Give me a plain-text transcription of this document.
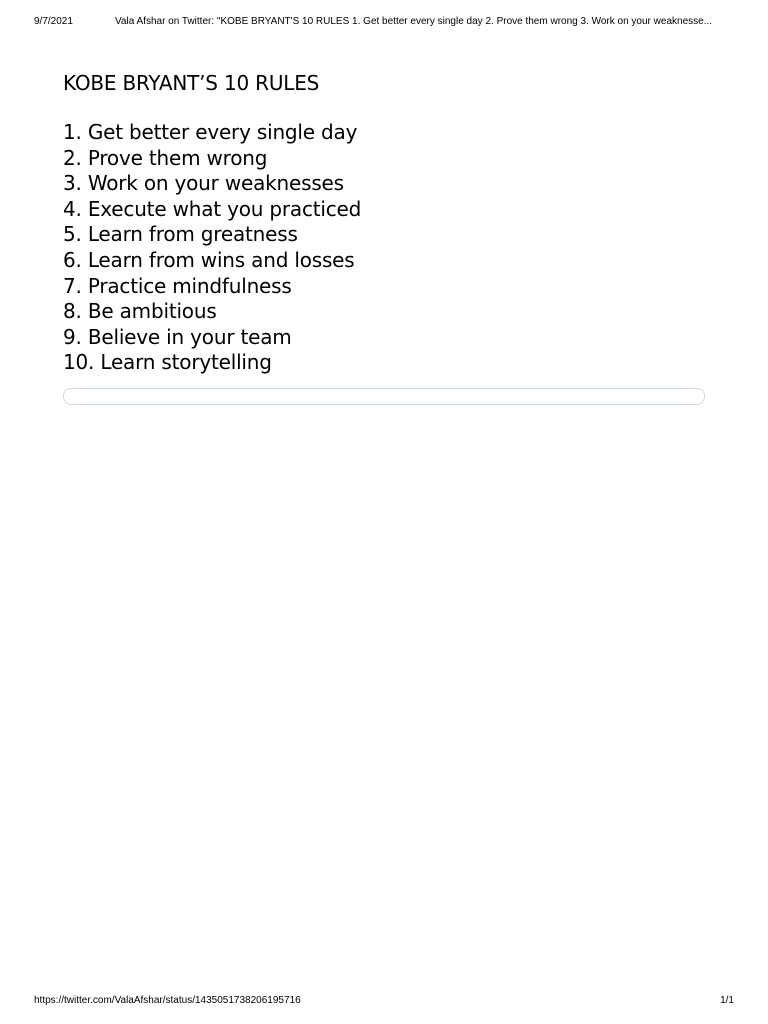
9/7/2021	Vala Afshar on Twitter: "KOBE BRYANT'S 10 RULES 1. Get better every single day 2. Prove them wrong 3. Work on your weaknesse...
KOBE BRYANT’S 10 RULES
1. Get better every single day
2. Prove them wrong
3. Work on your weaknesses
4. Execute what you practiced
5. Learn from greatness
6. Learn from wins and losses
7. Practice mindfulness
8. Be ambitious
9. Believe in your team
10. Learn storytelling
https://twitter.com/ValaAfshar/status/1435051738206195716	1/1
